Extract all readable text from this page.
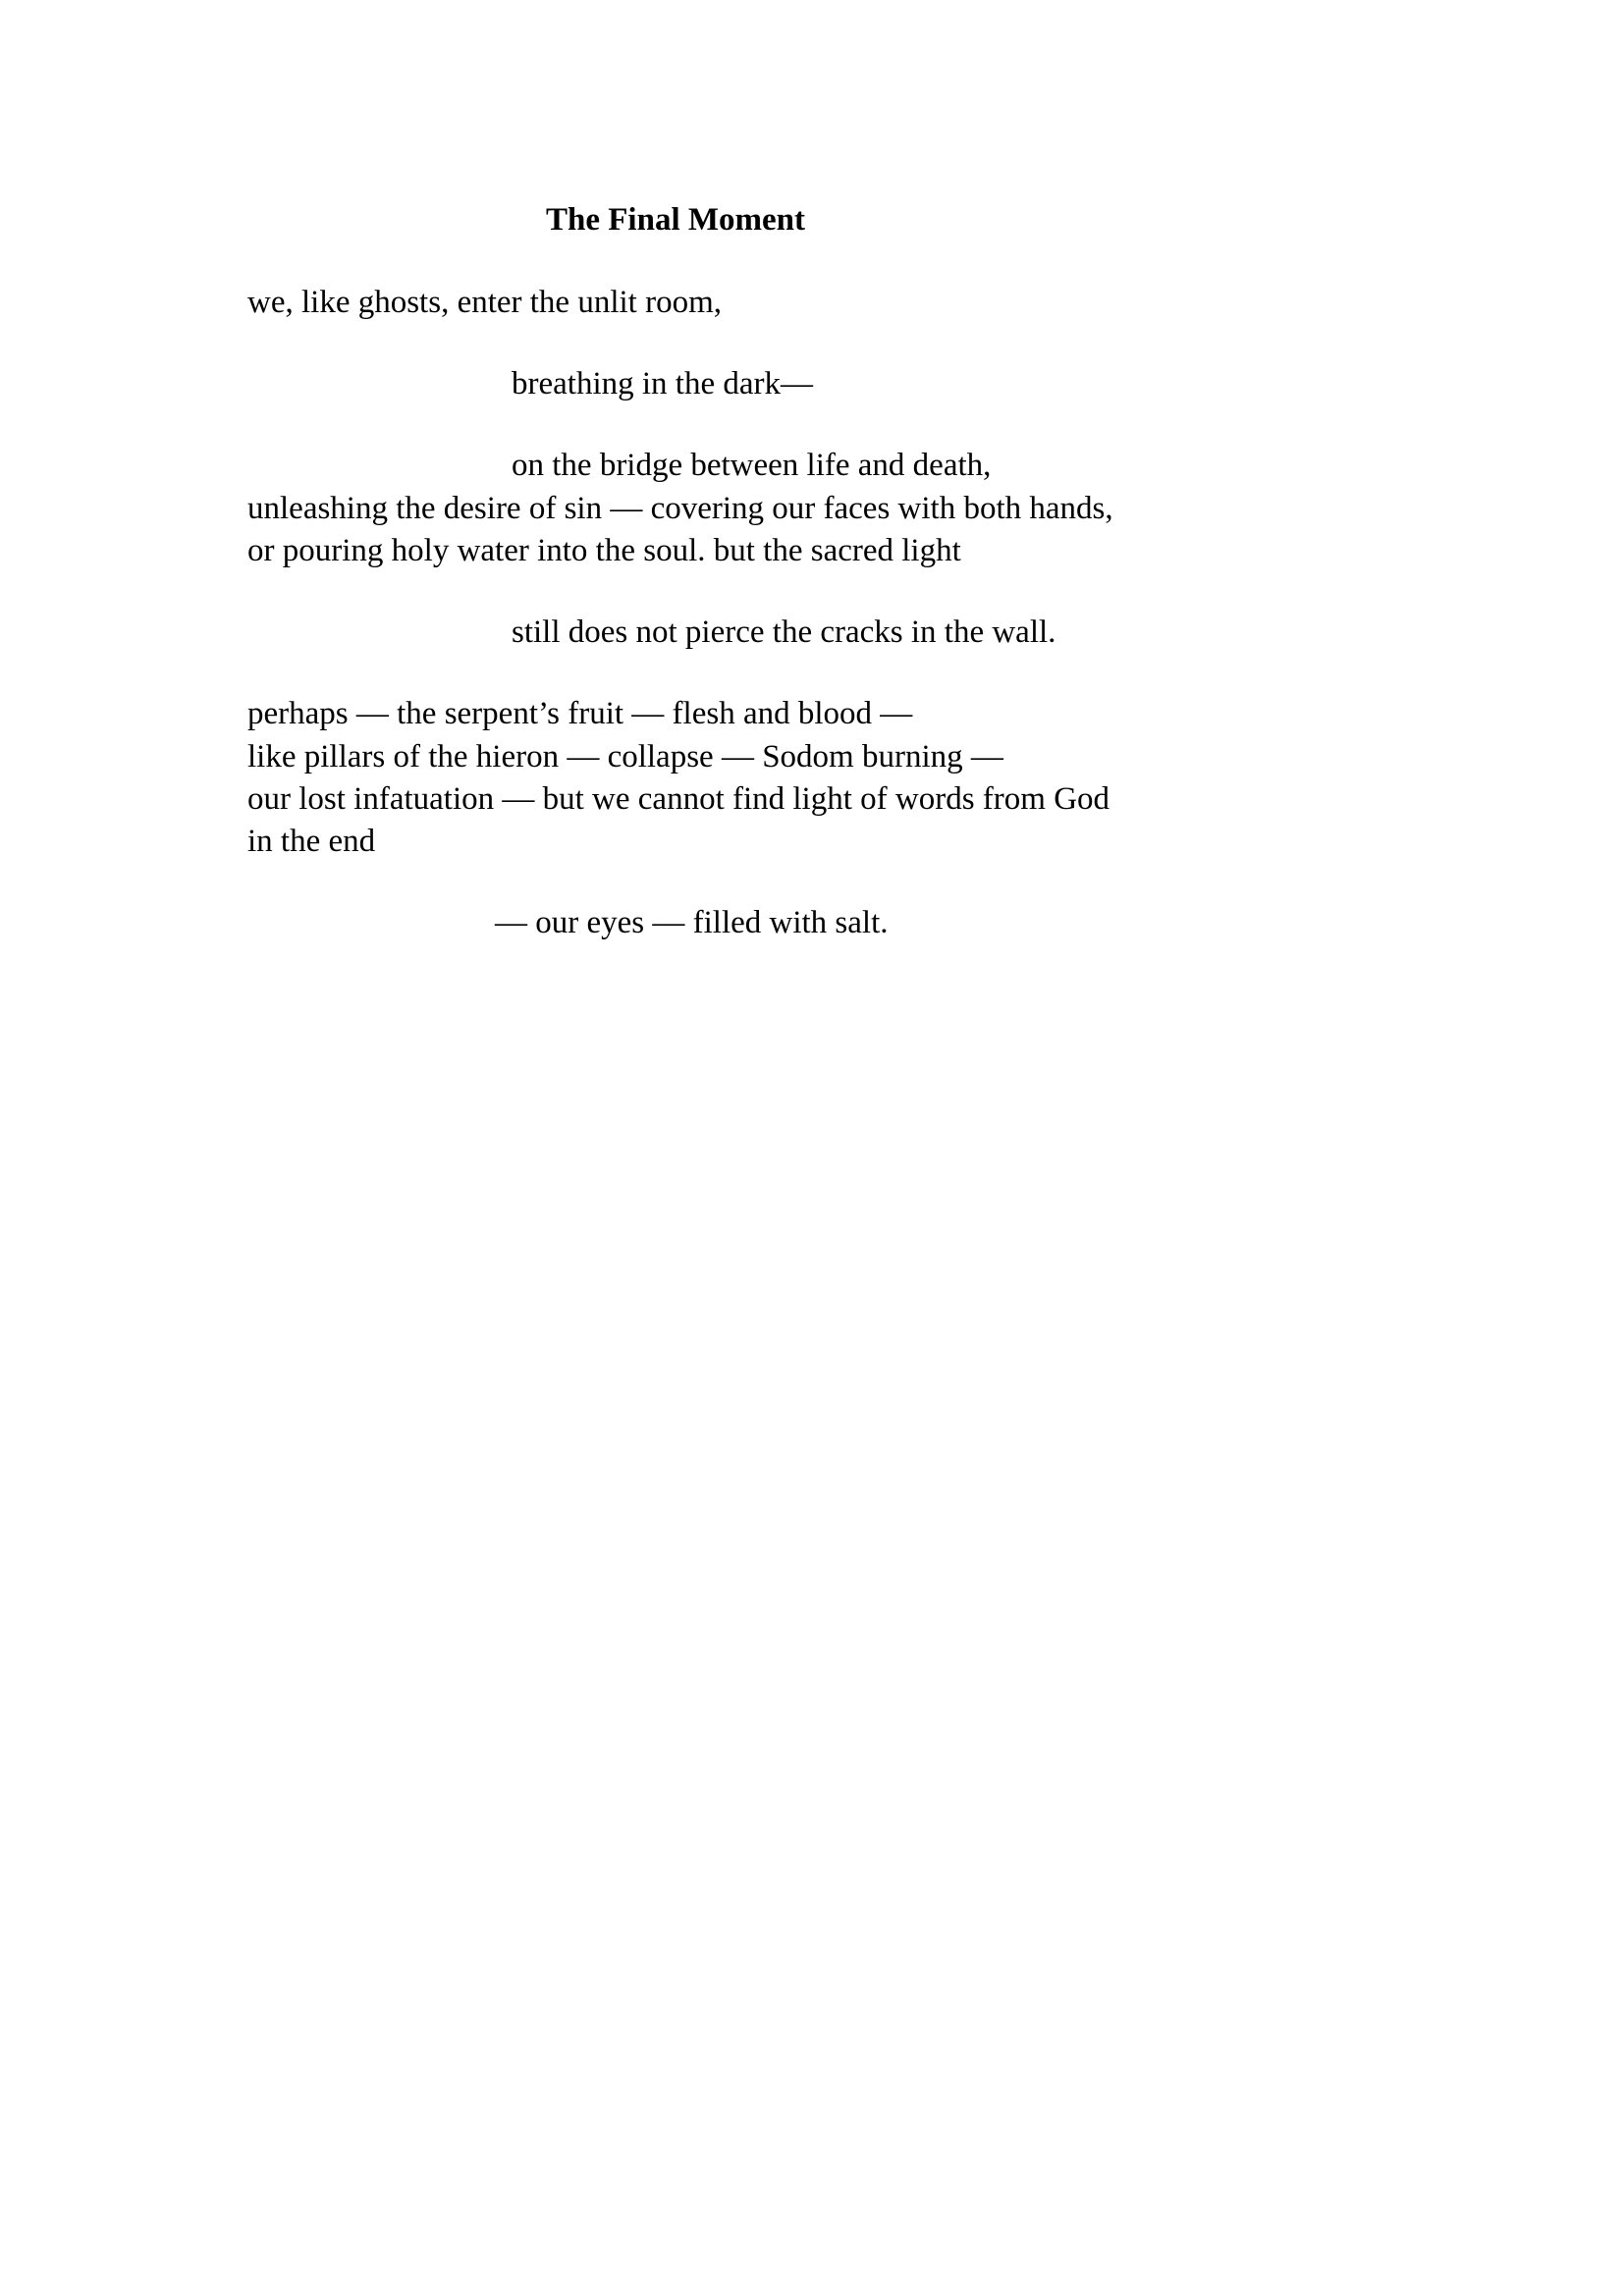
The Final Moment
we, like ghosts, enter the unlit room,
breathing in the dark—
on the bridge between life and death,
unleashing the desire of sin — covering our faces with both hands,
or pouring holy water into the soul. but the sacred light
still does not pierce the cracks in the wall.
perhaps — the serpent’s fruit — flesh and blood —
like pillars of the hieron — collapse — Sodom burning —
our lost infatuation — but we cannot find light of words from God
in the end
— our eyes — filled with salt.
